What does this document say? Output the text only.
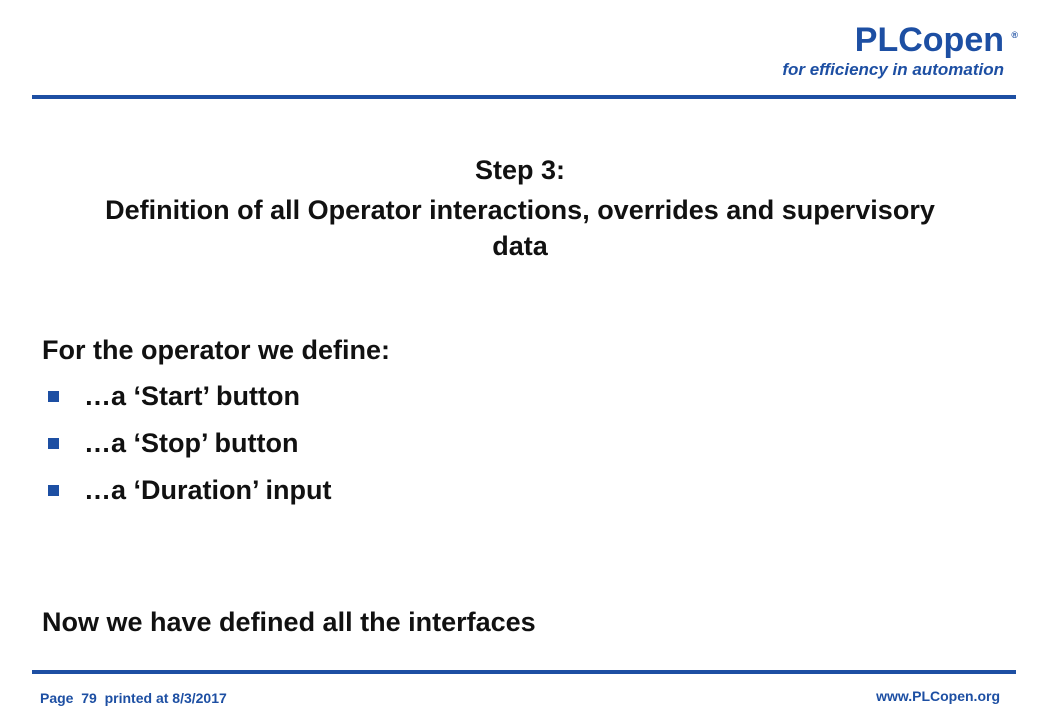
PLCopen ®
for efficiency in automation
Step 3:
Definition of all Operator interactions, overrides and supervisory data
For the operator we define:
…a ‘Start’ button
…a ‘Stop’ button
…a ‘Duration’ input
Now we have defined all the interfaces
Page 79 printed at 8/3/2017	www.PLCopen.org
